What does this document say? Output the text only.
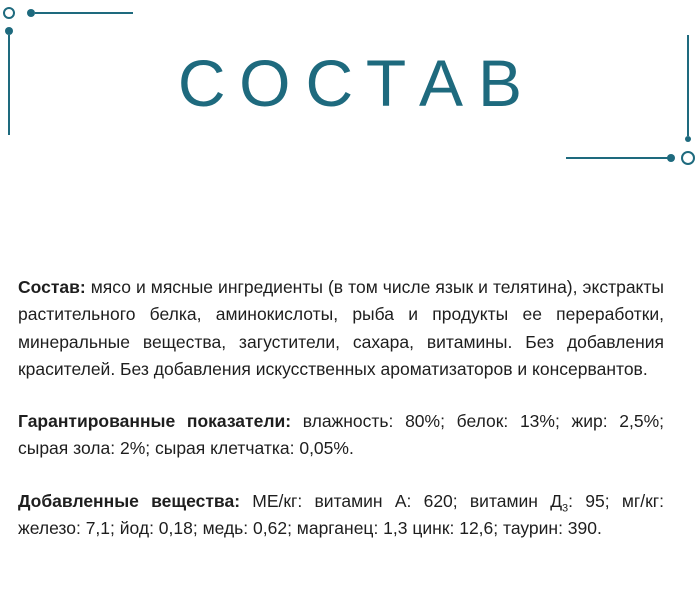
СОСТАВ

Состав: мясо и мясные ингредиенты (в том числе язык и телятина), экстракты растительного белка, аминокислоты, рыба и продукты ее переработки, минеральные вещества, загустители, сахара, витамины. Без добавления красителей. Без добавления искусственных ароматизаторов и консервантов.

Гарантированные показатели: влажность: 80%; белок: 13%; жир: 2,5%; сырая зола: 2%; сырая клетчатка: 0,05%.

Добавленные вещества: МЕ/кг: витамин А: 620; витамин $Д_3$: 95; мг/кг: железо: 7,1; йод: 0,18; медь: 0,62; марганец: 1,3 цинк: 12,6; таурин: 390.
